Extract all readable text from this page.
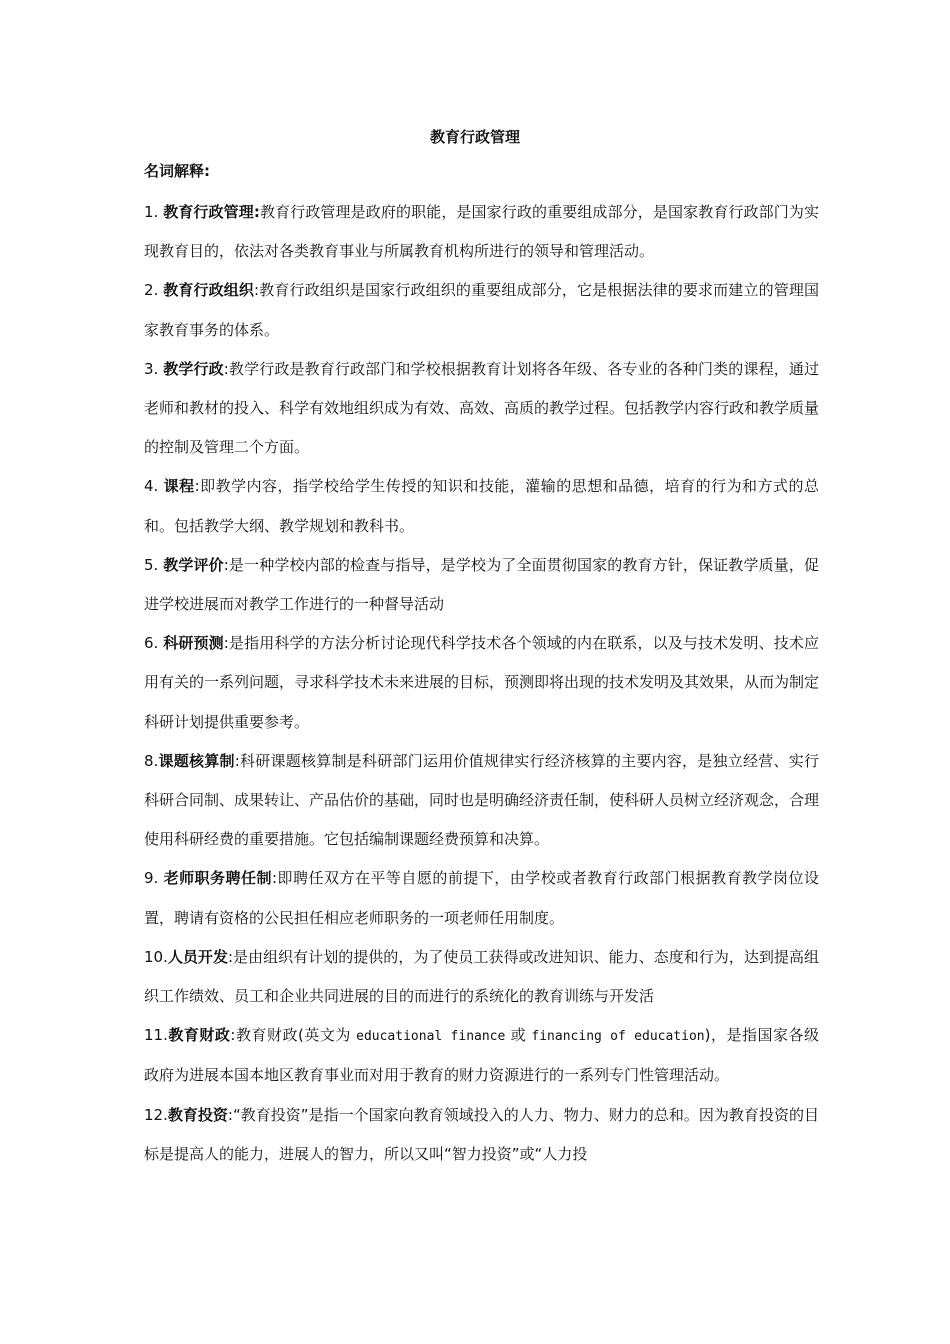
教育行政管理
名词解释:

1. 教育行政管理:教育行政管理是政府的职能，是国家行政的重要组成部分，是国家教育行政部门为实现教育目的，依法对各类教育事业与所属教育机构所进行的领导和管理活动。

2. 教育行政组织:教育行政组织是国家行政组织的重要组成部分，它是根据法律的要求而建立的管理国家教育事务的体系。

3. 教学行政:教学行政是教育行政部门和学校根据教育计划将各年级、各专业的各种门类的课程，通过老师和教材的投入、科学有效地组织成为有效、高效、高质的教学过程。包括教学内容行政和教学质量的控制及管理二个方面。

4. 课程:即教学内容，指学校给学生传授的知识和技能，灌输的思想和品德，培育的行为和方式的总和。包括教学大纲、教学规划和教科书。

5. 教学评价:是一种学校内部的检查与指导，是学校为了全面贯彻国家的教育方针，保证教学质量，促进学校进展而对教学工作进行的一种督导活动

6. 科研预测:是指用科学的方法分析讨论现代科学技术各个领域的内在联系，以及与技术发明、技术应用有关的一系列问题，寻求科学技术未来进展的目标，预测即将出现的技术发明及其效果，从而为制定科研计划提供重要参考。

8.课题核算制:科研课题核算制是科研部门运用价值规律实行经济核算的主要内容，是独立经营、实行科研合同制、成果转让、产品估价的基础，同时也是明确经济责任制，使科研人员树立经济观念，合理使用科研经费的重要措施。它包括编制课题经费预算和决算。

9. 老师职务聘任制:即聘任双方在平等自愿的前提下，由学校或者教育行政部门根据教育教学岗位设置，聘请有资格的公民担任相应老师职务的一项老师任用制度。

10.人员开发:是由组织有计划的提供的，为了使员工获得或改进知识、能力、态度和行为，达到提高组织工作绩效、员工和企业共同进展的目的而进行的系统化的教育训练与开发活

11.教育财政:教育财政(英文为 educational finance 或 financing of education)，是指国家各级政府为进展本国本地区教育事业而对用于教育的财力资源进行的一系列专门性管理活动。

12.教育投资:“教育投资”是指一个国家向教育领域投入的人力、物力、财力的总和。因为教育投资的目标是提高人的能力，进展人的智力，所以又叫“智力投资”或“人力投
